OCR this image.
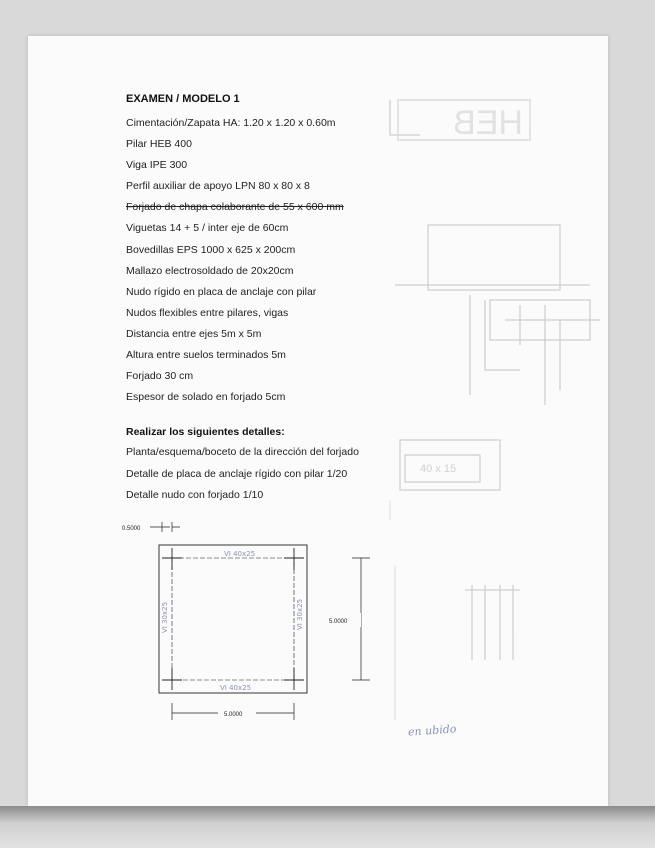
HEB
40 x 15
EXAMEN / MODELO 1
Cimentación/Zapata HA: 1.20 x 1.20 x 0.60m
Pilar HEB 400
Viga IPE 300
Perfil auxiliar de apoyo LPN 80 x 80 x 8
Forjado de chapa colaborante de 55 x 600 mm
Viguetas 14 + 5 / inter eje de 60cm
Bovedillas EPS 1000 x 625 x 200cm
Mallazo electrosoldado de 20x20cm
Nudo rígido en placa de anclaje con pilar
Nudos flexibles entre pilares, vigas
Distancia entre ejes 5m x 5m
Altura entre suelos terminados 5m
Forjado 30 cm
Espesor de solado en forjado 5cm
Realizar los siguientes detalles:
Planta/esquema/boceto de la dirección del forjado
Detalle de placa de anclaje rígido con pilar 1/20
Detalle nudo con forjado 1/10
0.5000
5.0000
5.0000
VI 40x25
VI 40x25
VI 30x25	VI 30x25
en ubido
